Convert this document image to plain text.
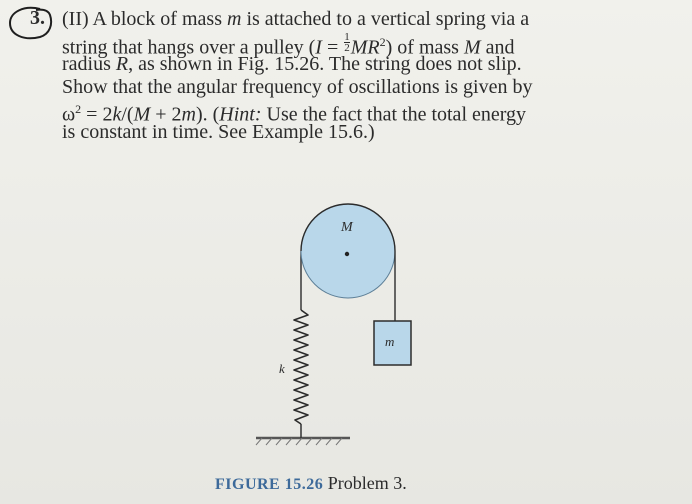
3. (II) A block of mass m is attached to a vertical spring via a
string that hangs over a pulley $(I = \frac{1}{2} MR^2)$ of mass M and
radius R, as shown in Fig. 15.26. The string does not slip.
Show that the angular frequency of oscillations is given by
$\omega^2 = 2k/(M + 2m)$. (Hint: Use the fact that the total energy
is constant in time. See Example 15.6.)
M
m
k
FIGURE 15.26 Problem 3.
